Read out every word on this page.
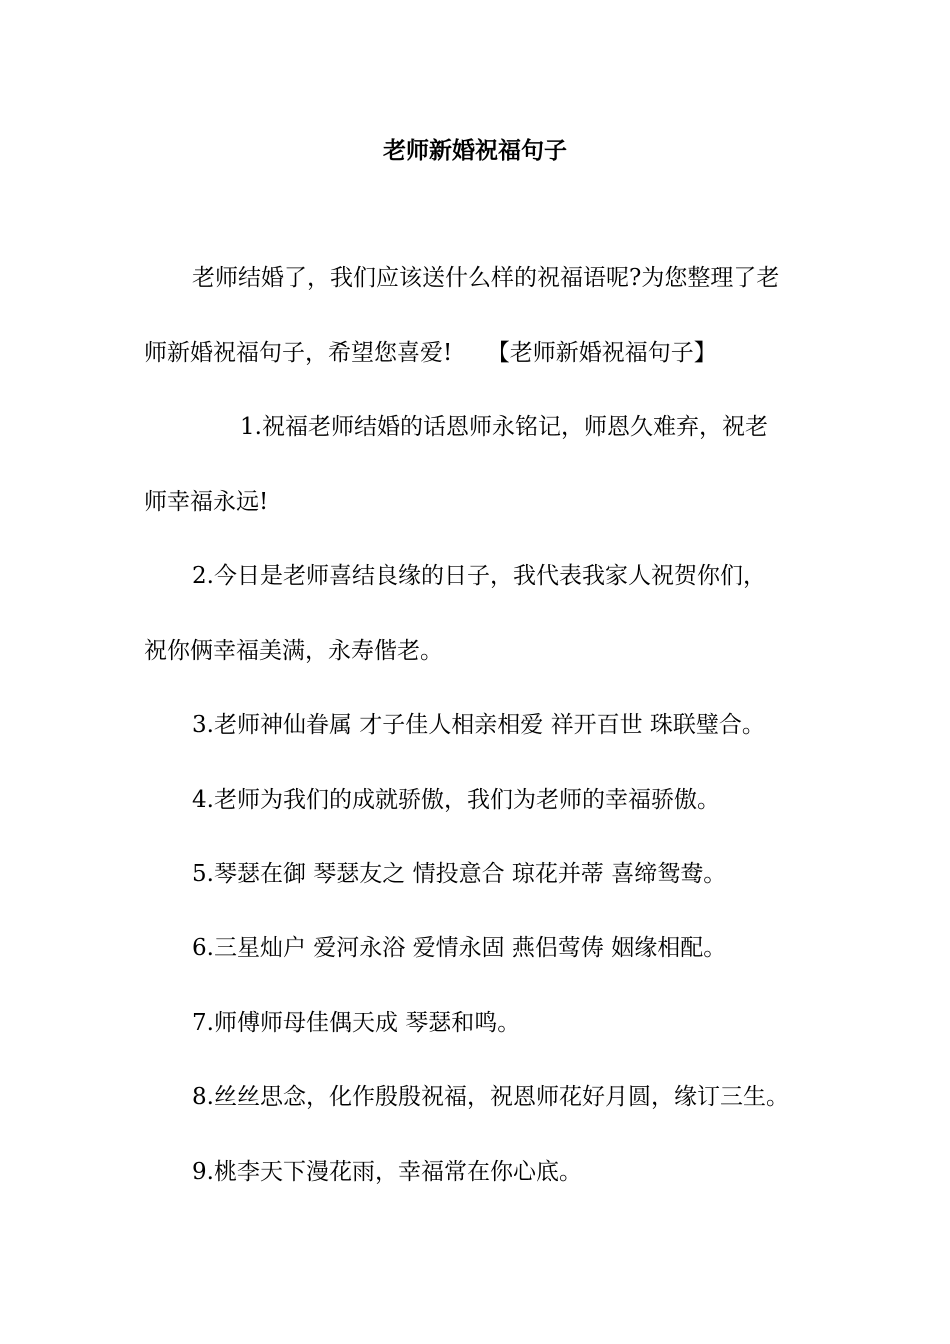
老师新婚祝福句子
老师结婚了，我们应该送什么样的祝福语呢?为您整理了老
师新婚祝福句子，希望您喜爱!　　【老师新婚祝福句子】
1.祝福老师结婚的话恩师永铭记，师恩久难弃，祝老
师幸福永远!
2.今日是老师喜结良缘的日子，我代表我家人祝贺你们，
祝你俩幸福美满，永寿偕老。
3.老师神仙眷属 才子佳人相亲相爱 祥开百世 珠联璧合。
4.老师为我们的成就骄傲，我们为老师的幸福骄傲。
5.琴瑟在御 琴瑟友之 情投意合 琼花并蒂 喜缔鸳鸯。
6.三星灿户 爱河永浴 爱情永固 燕侣莺俦 姻缘相配。
7.师傅师母佳偶天成 琴瑟和鸣。
8.丝丝思念，化作殷殷祝福，祝恩师花好月圆，缘订三生。
9.桃李天下漫花雨，幸福常在你心底。
